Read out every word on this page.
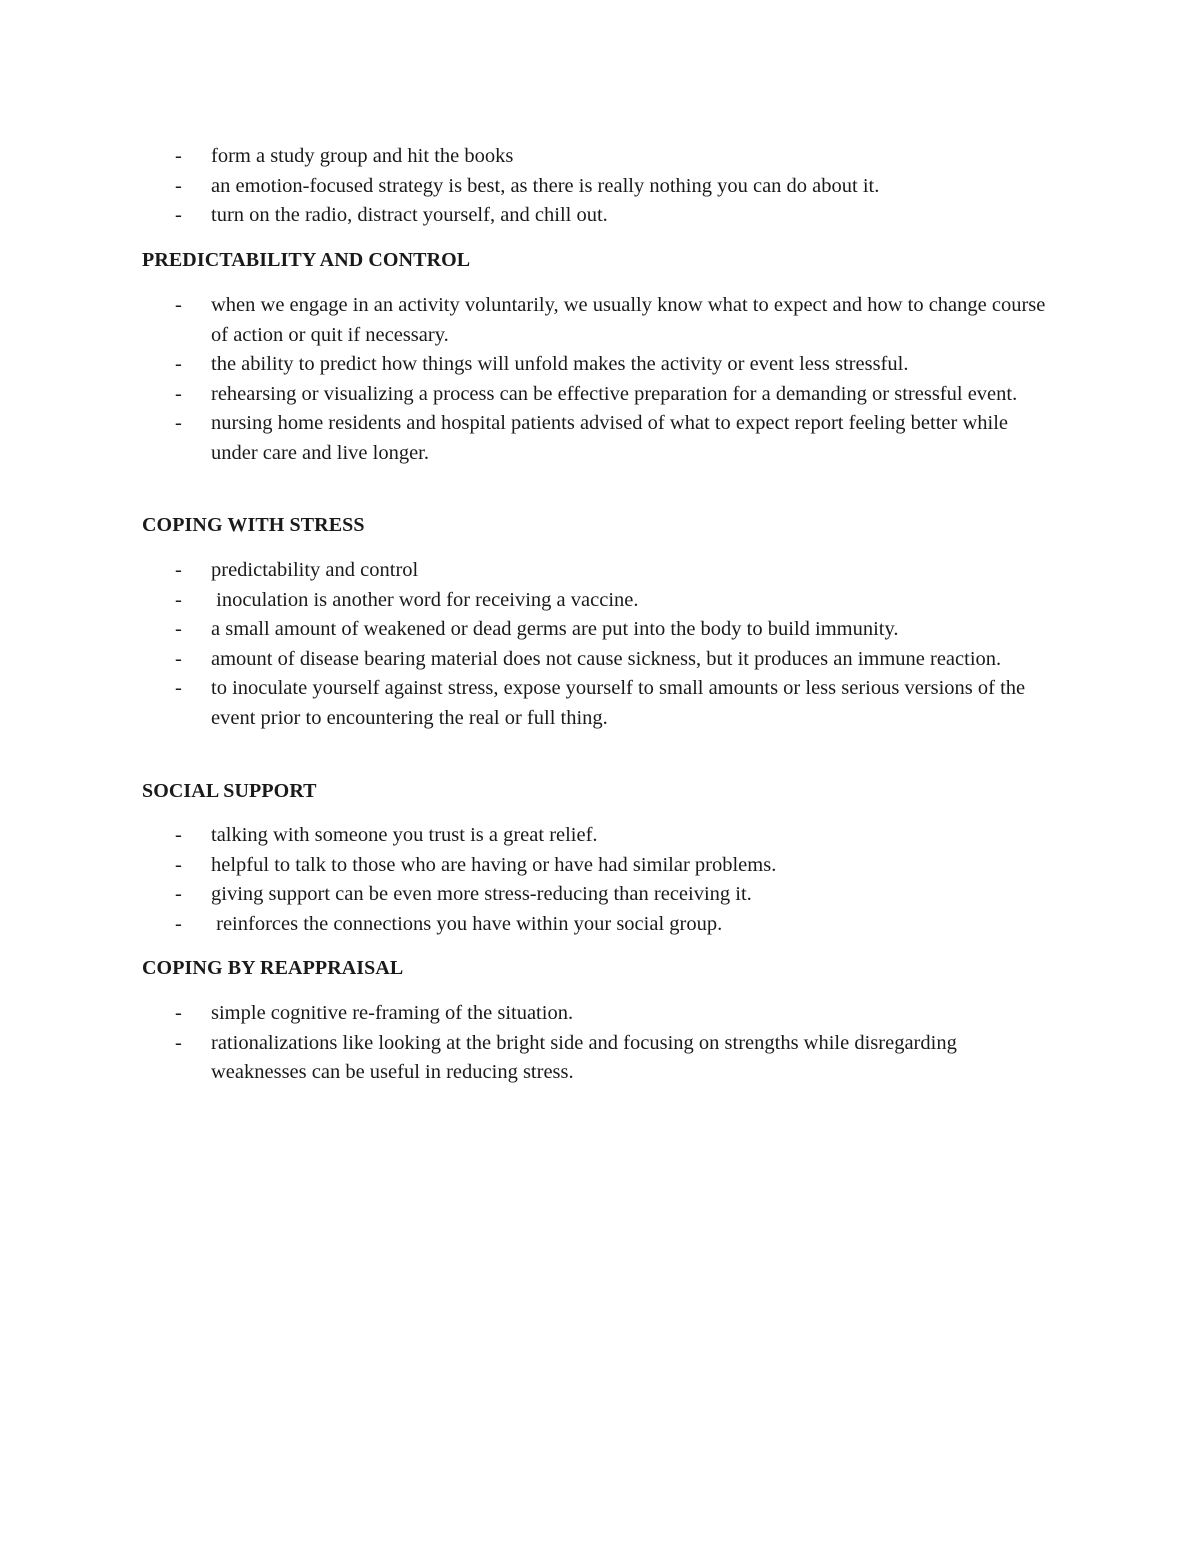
- form a study group and hit the books
- an emotion-focused strategy is best, as there is really nothing you can do about it.
- turn on the radio, distract yourself, and chill out.
PREDICTABILITY AND CONTROL
- when we engage in an activity voluntarily, we usually know what to expect and how to change course of action or quit if necessary.
- the ability to predict how things will unfold makes the activity or event less stressful.
- rehearsing or visualizing a process can be effective preparation for a demanding or stressful event.
- nursing home residents and hospital patients advised of what to expect report feeling better while under care and live longer.
COPING WITH STRESS
- predictability and control
- inoculation is another word for receiving a vaccine.
- a small amount of weakened or dead germs are put into the body to build immunity.
- amount of disease bearing material does not cause sickness, but it produces an immune reaction.
- to inoculate yourself against stress, expose yourself to small amounts or less serious versions of the event prior to encountering the real or full thing.
SOCIAL SUPPORT
- talking with someone you trust is a great relief.
- helpful to talk to those who are having or have had similar problems.
- giving support can be even more stress-reducing than receiving it.
- reinforces the connections you have within your social group.
COPING BY REAPPRAISAL
- simple cognitive re-framing of the situation.
- rationalizations like looking at the bright side and focusing on strengths while disregarding weaknesses can be useful in reducing stress.
